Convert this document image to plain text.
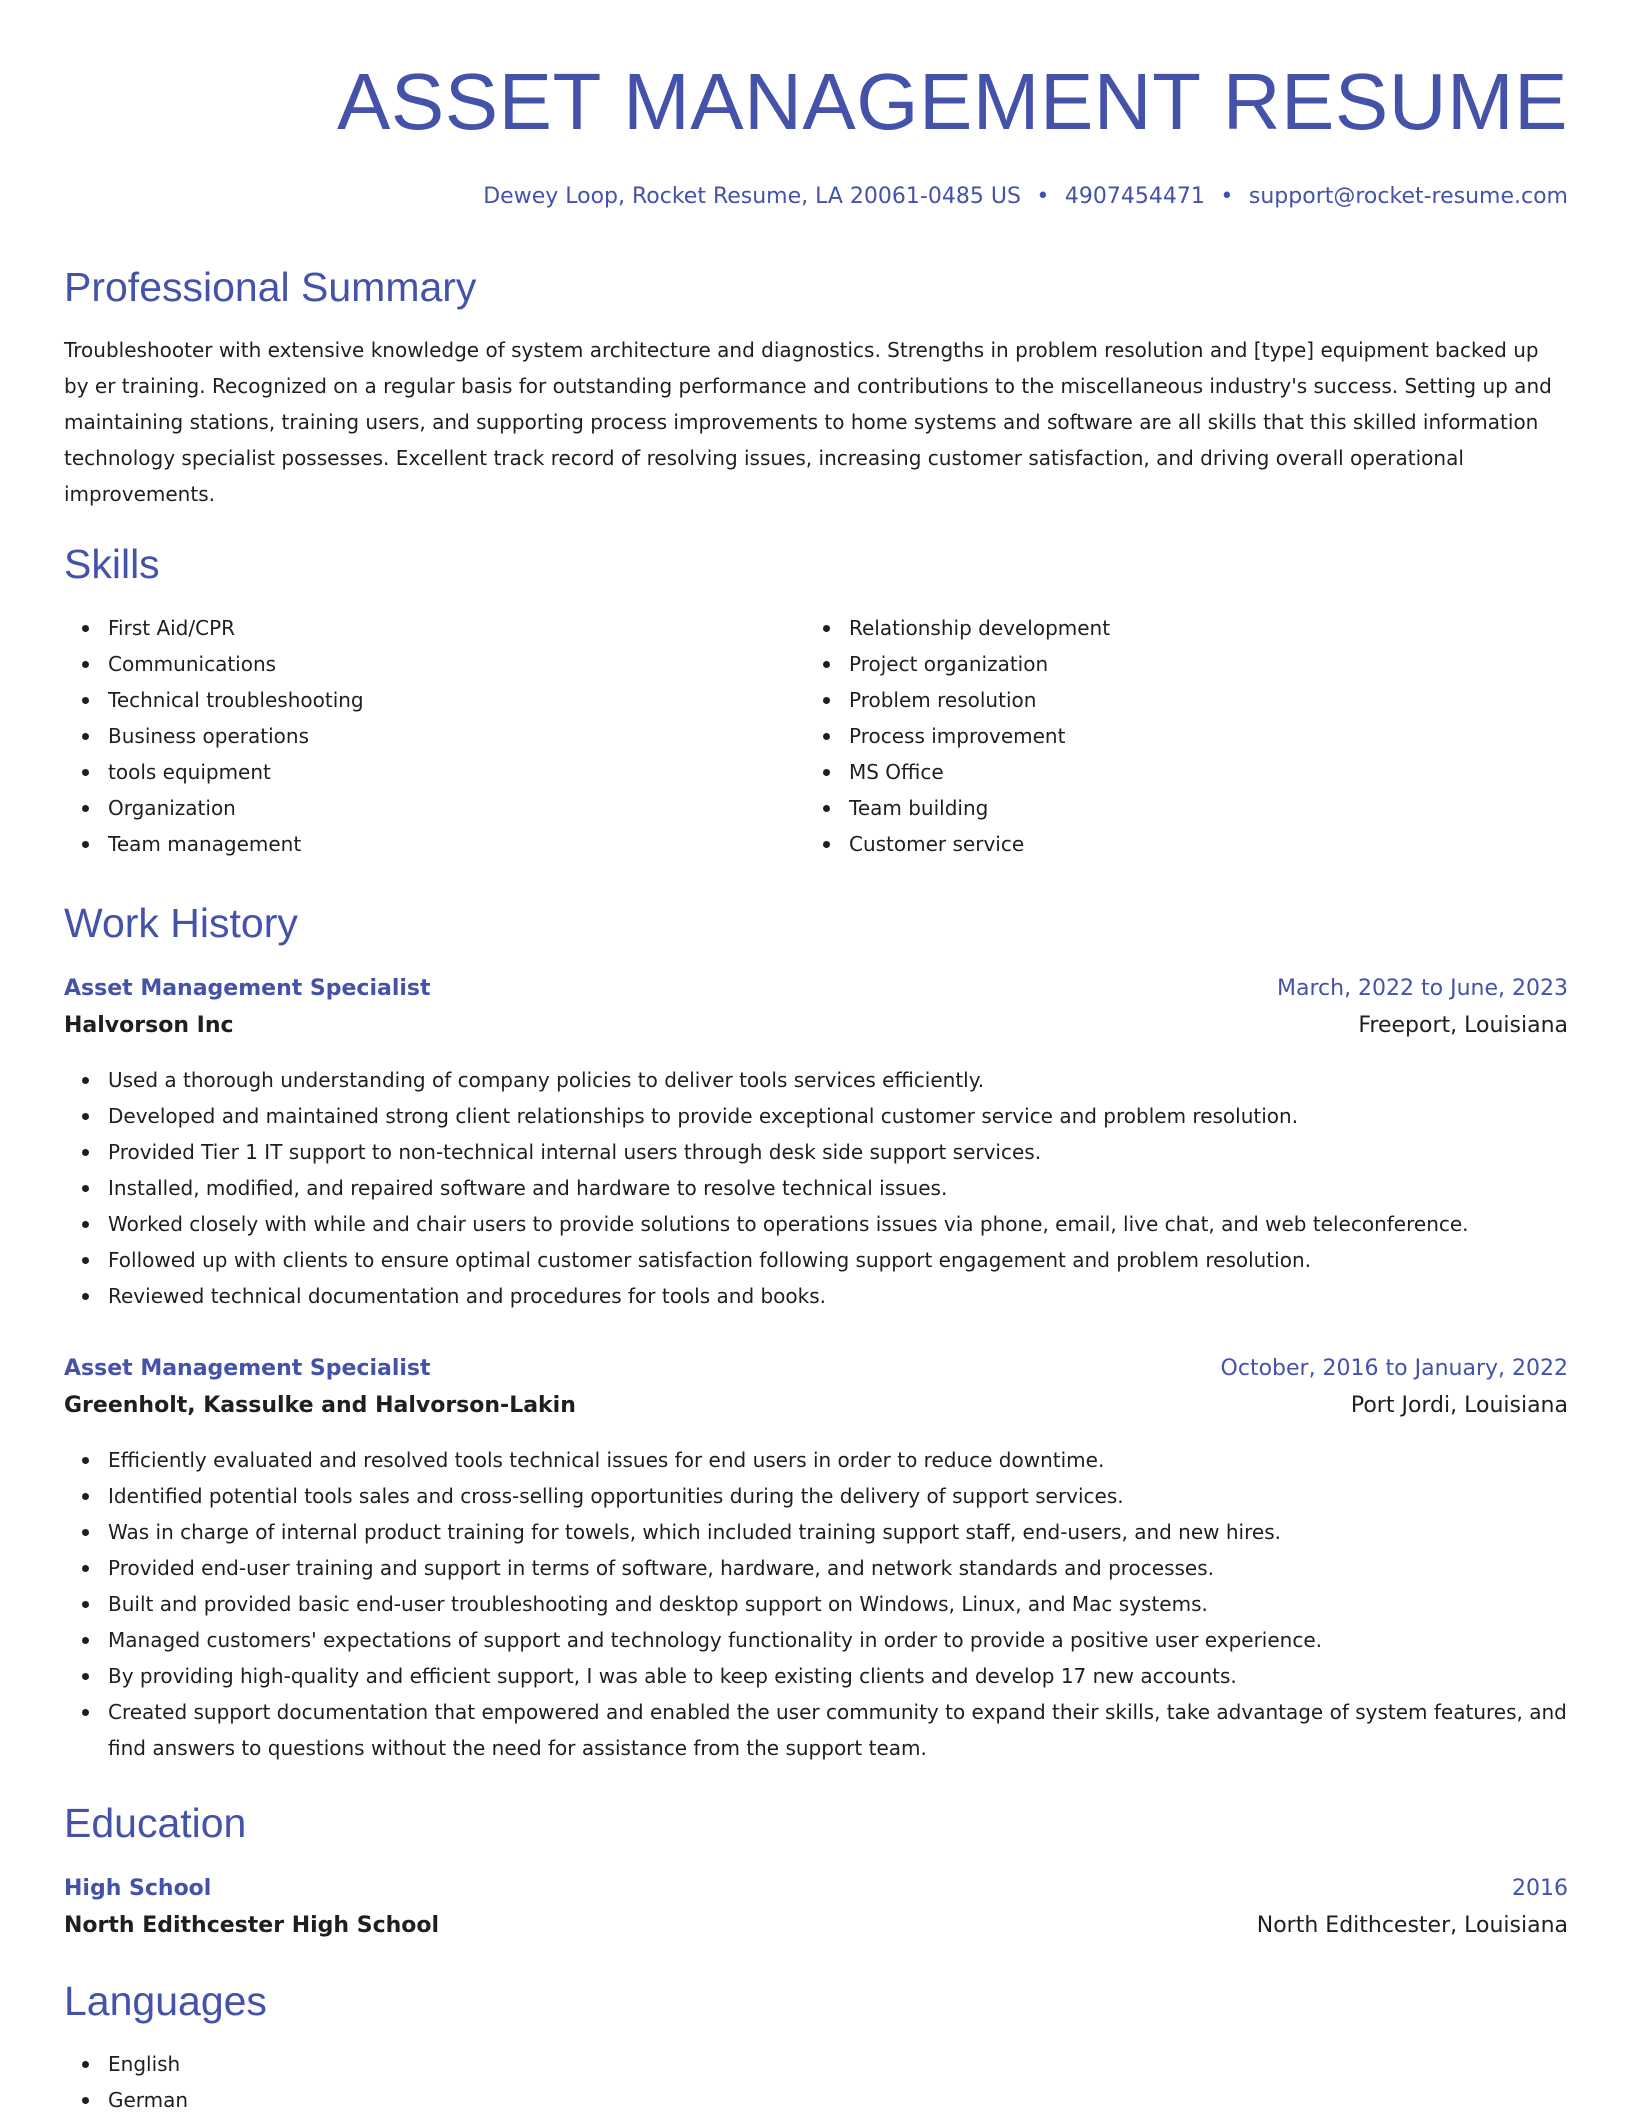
ASSET MANAGEMENT RESUME
Dewey Loop, Rocket Resume, LA 20061-0485 US • 4907454471 • support@rocket-resume.com
Professional Summary
Troubleshooter with extensive knowledge of system architecture and diagnostics. Strengths in problem resolution and [type] equipment backed up by er training. Recognized on a regular basis for outstanding performance and contributions to the miscellaneous industry's success. Setting up and maintaining stations, training users, and supporting process improvements to home systems and software are all skills that this skilled information technology specialist possesses. Excellent track record of resolving issues, increasing customer satisfaction, and driving overall operational improvements.
Skills
First Aid/CPR
Communications
Technical troubleshooting
Business operations
tools equipment
Organization
Team management
Relationship development
Project organization
Problem resolution
Process improvement
MS Office
Team building
Customer service
Work History
Asset Management Specialist	March, 2022 to June, 2023
Halvorson Inc	Freeport, Louisiana
Used a thorough understanding of company policies to deliver tools services efficiently.
Developed and maintained strong client relationships to provide exceptional customer service and problem resolution.
Provided Tier 1 IT support to non-technical internal users through desk side support services.
Installed, modified, and repaired software and hardware to resolve technical issues.
Worked closely with while and chair users to provide solutions to operations issues via phone, email, live chat, and web teleconference.
Followed up with clients to ensure optimal customer satisfaction following support engagement and problem resolution.
Reviewed technical documentation and procedures for tools and books.
Asset Management Specialist	October, 2016 to January, 2022
Greenholt, Kassulke and Halvorson-Lakin	Port Jordi, Louisiana
Efficiently evaluated and resolved tools technical issues for end users in order to reduce downtime.
Identified potential tools sales and cross-selling opportunities during the delivery of support services.
Was in charge of internal product training for towels, which included training support staff, end-users, and new hires.
Provided end-user training and support in terms of software, hardware, and network standards and processes.
Built and provided basic end-user troubleshooting and desktop support on Windows, Linux, and Mac systems.
Managed customers' expectations of support and technology functionality in order to provide a positive user experience.
By providing high-quality and efficient support, I was able to keep existing clients and develop 17 new accounts.
Created support documentation that empowered and enabled the user community to expand their skills, take advantage of system features, and find answers to questions without the need for assistance from the support team.
Education
High School	2016
North Edithcester High School	North Edithcester, Louisiana
Languages
English
German
